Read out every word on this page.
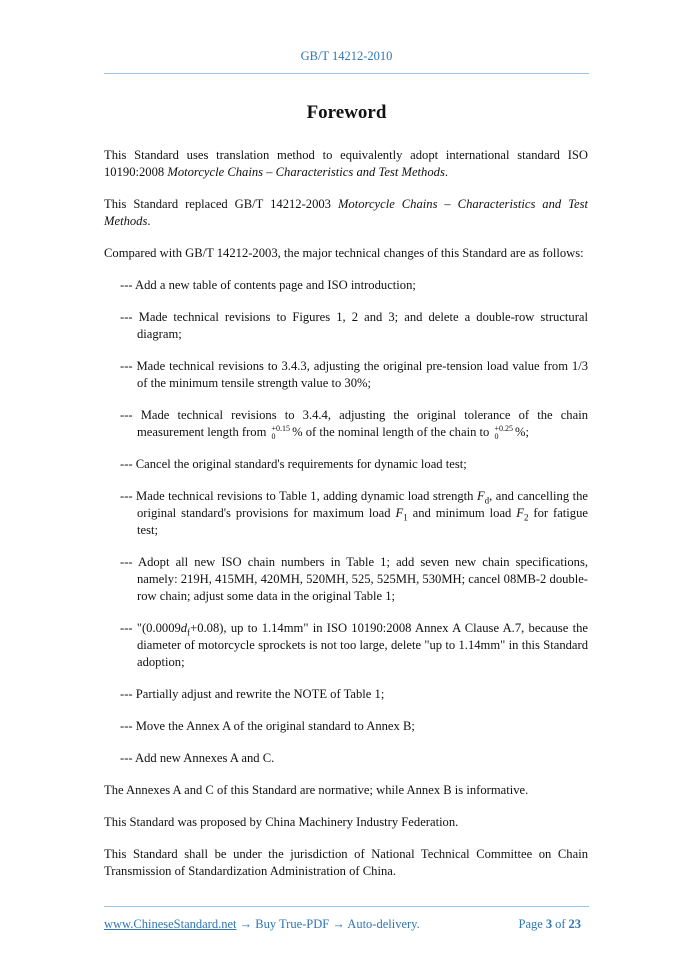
GB/T 14212-2010
Foreword
This Standard uses translation method to equivalently adopt international standard ISO 10190:2008 Motorcycle Chains – Characteristics and Test Methods.
This Standard replaced GB/T 14212-2003 Motorcycle Chains – Characteristics and Test Methods.
Compared with GB/T 14212-2003, the major technical changes of this Standard are as follows:
--- Add a new table of contents page and ISO introduction;
--- Made technical revisions to Figures 1, 2 and 3; and delete a double-row structural diagram;
--- Made technical revisions to 3.4.3, adjusting the original pre-tension load value from 1/3 of the minimum tensile strength value to 30%;
--- Made technical revisions to 3.4.4, adjusting the original tolerance of the chain measurement length from +0.15
0 % of the nominal length of the chain to +0.25
0 %;
--- Cancel the original standard's requirements for dynamic load test;
--- Made technical revisions to Table 1, adding dynamic load strength $F_d$, and cancelling the original standard's provisions for maximum load $F_1$ and minimum load $F_2$ for fatigue test;
--- Adopt all new ISO chain numbers in Table 1; add seven new chain specifications, namely: 219H, 415MH, 420MH, 520MH, 525, 525MH, 530MH; cancel 08MB-2 double-row chain; adjust some data in the original Table 1;
--- "$(0.0009d_f+0.08)$, up to 1.14mm" in ISO 10190:2008 Annex A Clause A.7, because the diameter of motorcycle sprockets is not too large, delete "up to 1.14mm" in this Standard adoption;
--- Partially adjust and rewrite the NOTE of Table 1;
--- Move the Annex A of the original standard to Annex B;
--- Add new Annexes A and C.
The Annexes A and C of this Standard are normative; while Annex B is informative.
This Standard was proposed by China Machinery Industry Federation.
This Standard shall be under the jurisdiction of National Technical Committee on Chain Transmission of Standardization Administration of China.
www.ChineseStandard.net → Buy True-PDF → Auto-delivery.	Page 3 of 23
